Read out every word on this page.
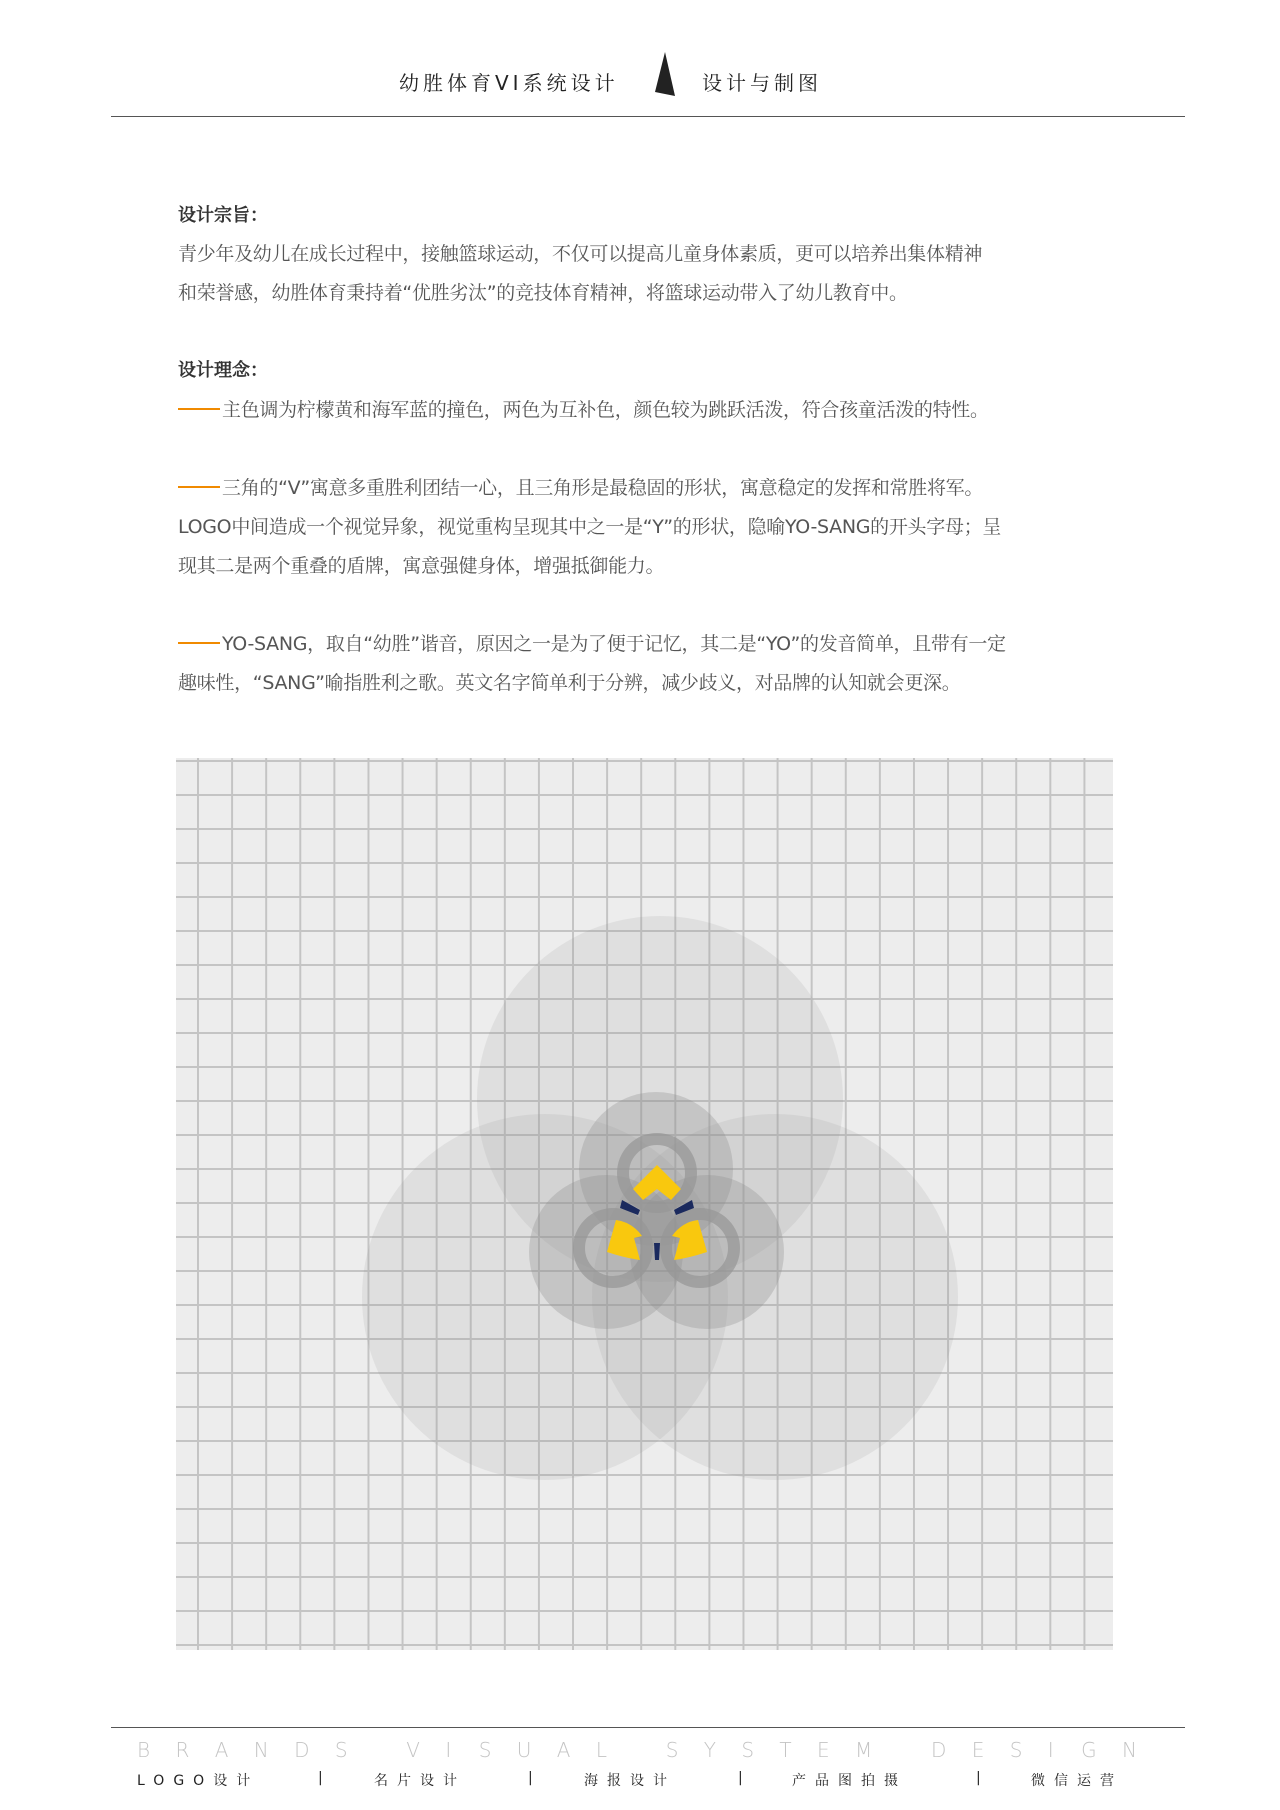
幼胜体育VI系统设计	设计与制图
设计宗旨：
青少年及幼儿在成长过程中，接触篮球运动，不仅可以提高儿童身体素质，更可以培养出集体精神
和荣誉感，幼胜体育秉持着“优胜劣汰”的竞技体育精神，将篮球运动带入了幼儿教育中。
设计理念：
主色调为柠檬黄和海军蓝的撞色，两色为互补色，颜色较为跳跃活泼，符合孩童活泼的特性。
三角的“V”寓意多重胜利团结一心，且三角形是最稳固的形状，寓意稳定的发挥和常胜将军。
LOGO中间造成一个视觉异象，视觉重构呈现其中之一是“Y”的形状，隐喻YO-SANG的开头字母；呈
现其二是两个重叠的盾牌，寓意强健身体，增强抵御能力。
YO-SANG，取自“幼胜”谐音，原因之一是为了便于记忆，其二是“YO”的发音简单，且带有一定
趣味性，“SANG”喻指胜利之歌。英文名字简单利于分辨，减少歧义，对品牌的认知就会更深。
B R A N D S	V I S U A L	S Y S T E M	D E S I G N
LOGO设计	|	名片设计	|	海报设计	|	产品图拍摄	|	微信运营
